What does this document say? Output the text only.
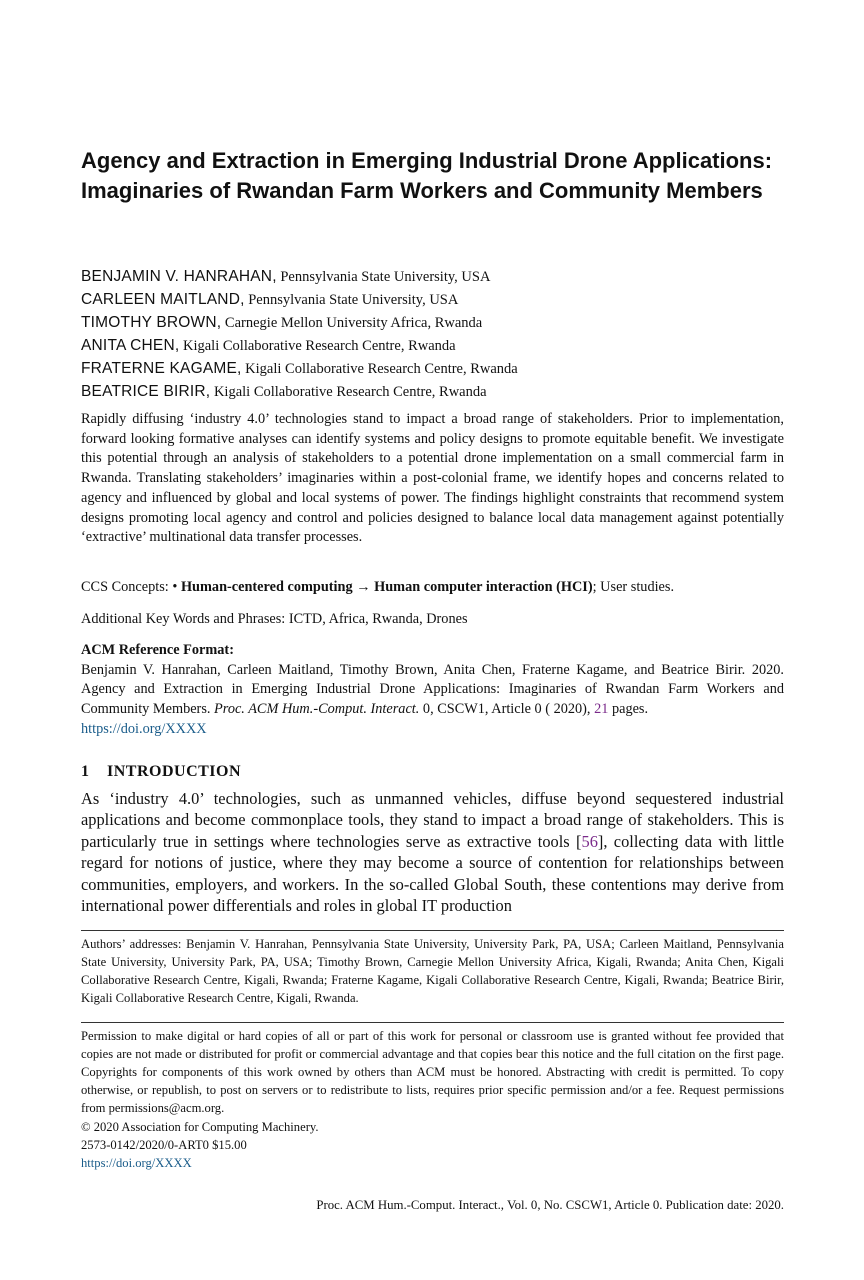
Agency and Extraction in Emerging Industrial Drone Applications: Imaginaries of Rwandan Farm Workers and Community Members
BENJAMIN V. HANRAHAN, Pennsylvania State University, USA
CARLEEN MAITLAND, Pennsylvania State University, USA
TIMOTHY BROWN, Carnegie Mellon University Africa, Rwanda
ANITA CHEN, Kigali Collaborative Research Centre, Rwanda
FRATERNE KAGAME, Kigali Collaborative Research Centre, Rwanda
BEATRICE BIRIR, Kigali Collaborative Research Centre, Rwanda

Rapidly diffusing ‘industry 4.0’ technologies stand to impact a broad range of stakeholders. Prior to implementation, forward looking formative analyses can identify systems and policy designs to promote equitable benefit. We investigate this potential through an analysis of stakeholders to a potential drone implementation on a small commercial farm in Rwanda. Translating stakeholders’ imaginaries within a post-colonial frame, we identify hopes and concerns related to agency and influenced by global and local systems of power. The findings highlight constraints that recommend system designs promoting local agency and control and policies designed to balance local data management against potentially ‘extractive’ multinational data transfer processes.

CCS Concepts: • Human-centered computing → Human computer interaction (HCI); User studies.

Additional Key Words and Phrases: ICTD, Africa, Rwanda, Drones

ACM Reference Format:
Benjamin V. Hanrahan, Carleen Maitland, Timothy Brown, Anita Chen, Fraterne Kagame, and Beatrice Birir. 2020. Agency and Extraction in Emerging Industrial Drone Applications: Imaginaries of Rwandan Farm Workers and Community Members. Proc. ACM Hum.-Comput. Interact. 0, CSCW1, Article 0 ( 2020), 21 pages.
https://doi.org/XXXX
1 INTRODUCTION

As ‘industry 4.0’ technologies, such as unmanned vehicles, diffuse beyond sequestered industrial applications and become commonplace tools, they stand to impact a broad range of stakeholders. This is particularly true in settings where technologies serve as extractive tools [56], collecting data with little regard for notions of justice, where they may become a source of contention for relationships between communities, employers, and workers. In the so-called Global South, these contentions may derive from international power differentials and roles in global IT production

Authors’ addresses: Benjamin V. Hanrahan, Pennsylvania State University, University Park, PA, USA; Carleen Maitland, Pennsylvania State University, University Park, PA, USA; Timothy Brown, Carnegie Mellon University Africa, Kigali, Rwanda; Anita Chen, Kigali Collaborative Research Centre, Kigali, Rwanda; Fraterne Kagame, Kigali Collaborative Research Centre, Kigali, Rwanda; Beatrice Birir, Kigali Collaborative Research Centre, Kigali, Rwanda.

Permission to make digital or hard copies of all or part of this work for personal or classroom use is granted without fee provided that copies are not made or distributed for profit or commercial advantage and that copies bear this notice and the full citation on the first page. Copyrights for components of this work owned by others than ACM must be honored. Abstracting with credit is permitted. To copy otherwise, or republish, to post on servers or to redistribute to lists, requires prior specific permission and/or a fee. Request permissions from permissions@acm.org.

© 2020 Association for Computing Machinery.

2573-0142/2020/0-ART0 $15.00

https://doi.org/XXXX

Proc. ACM Hum.-Comput. Interact., Vol. 0, No. CSCW1, Article 0. Publication date: 2020.
